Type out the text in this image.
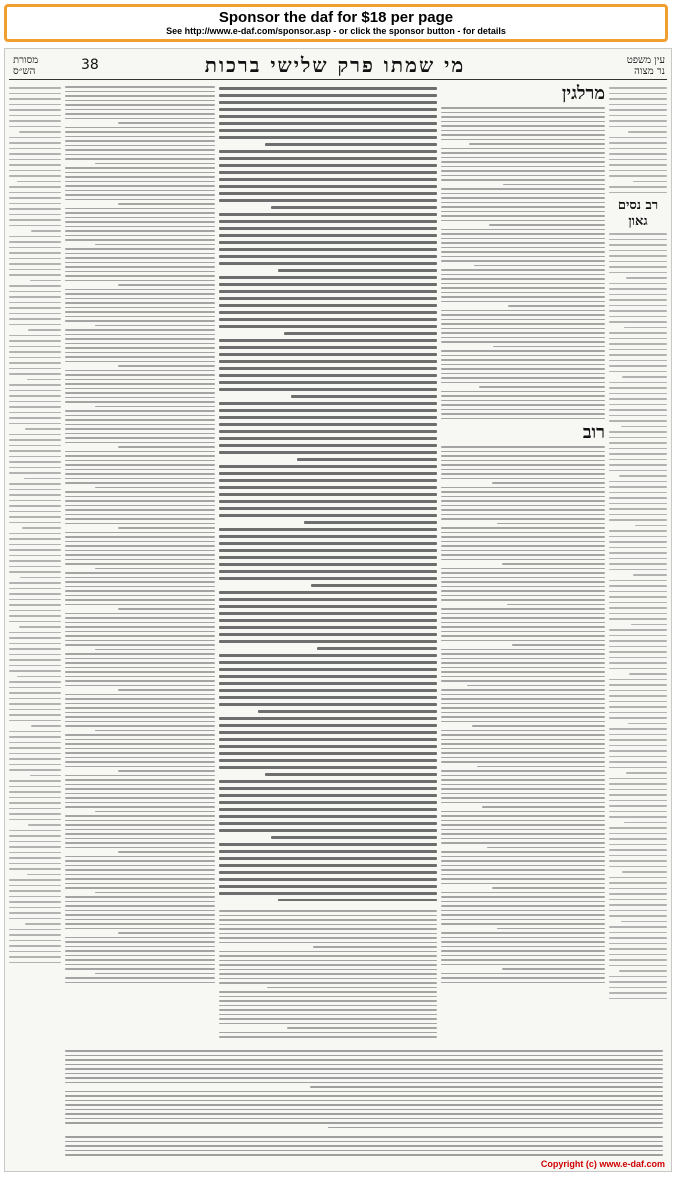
Sponsor the daf for $18 per page
See http://www.e-daf.com/sponsor.asp - or click the sponsor button - for details
מסורת
הש״ס	38	מי שמתו פרק שלישי ברכות	עין משפט
נר מצוה
מרלגין
רוב
רב נסים גאון
Copyright (c) www.e-daf.com
